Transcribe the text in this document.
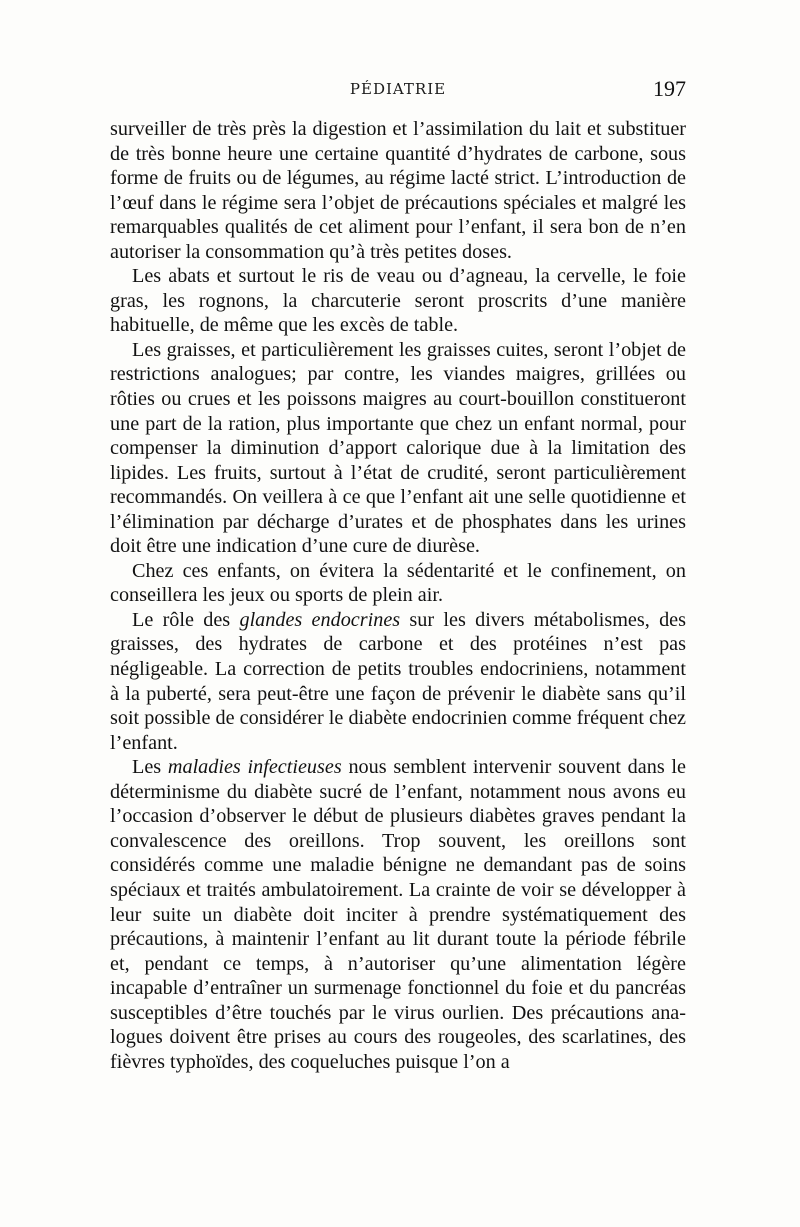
PÉDIATRIE	197

surveiller de très près la digestion et l’assimilation du lait et substituer de très bonne heure une certaine quantité d’hydrates de carbone, sous forme de fruits ou de légumes, au régime lacté strict. L’introduction de l’œuf dans le régime sera l’objet de précautions spéciales et malgré les remarquables qualités de cet aliment pour l’enfant, il sera bon de n’en autoriser la consommation qu’à très petites doses.

Les abats et surtout le ris de veau ou d’agneau, la cervelle, le foie gras, les rognons, la charcuterie seront proscrits d’une manière habituelle, de même que les excès de table.

Les graisses, et particulièrement les graisses cuites, seront l’objet de restrictions analogues; par contre, les viandes maigres, grillées ou rôties ou crues et les poissons maigres au court-bouillon constitueront une part de la ration, plus importante que chez un enfant normal, pour compenser la diminution d’apport calorique due à la limitation des lipides. Les fruits, surtout à l’état de crudité, seront particulièrement recommandés. On veillera à ce que l’enfant ait une selle quotidienne et l’élimination par décharge d’urates et de phosphates dans les urines doit être une indication d’une cure de diurèse.

Chez ces enfants, on évitera la sédentarité et le confinement, on conseillera les jeux ou sports de plein air.

Le rôle des glandes endocrines sur les divers métabolismes, des graisses, des hydrates de carbone et des protéines n’est pas négligeable. La correction de petits troubles endocriniens, notamment à la puberté, sera peut-être une façon de prévenir le diabète sans qu’il soit possible de considérer le diabète endocrinien comme fréquent chez l’enfant.

Les maladies infectieuses nous semblent intervenir souvent dans le déterminisme du diabète sucré de l’enfant, notamment nous avons eu l’occasion d’observer le début de plusieurs diabètes graves pendant la convalescence des oreillons. Trop souvent, les oreillons sont considérés comme une maladie bénigne ne demandant pas de soins spéciaux et traités ambulatoirement. La crainte de voir se développer à leur suite un diabète doit inciter à prendre systématiquement des précautions, à maintenir l’enfant au lit durant toute la période fébrile et, pendant ce temps, à n’autoriser qu’une alimentation légère incapable d’entraîner un surmenage fonctionnel du foie et du pancréas susceptibles d’être touchés par le virus ourlien. Des précautions analogues doivent être prises au cours des rougeoles, des scarlatines, des fièvres typhoïdes, des coqueluches puisque l’on a
